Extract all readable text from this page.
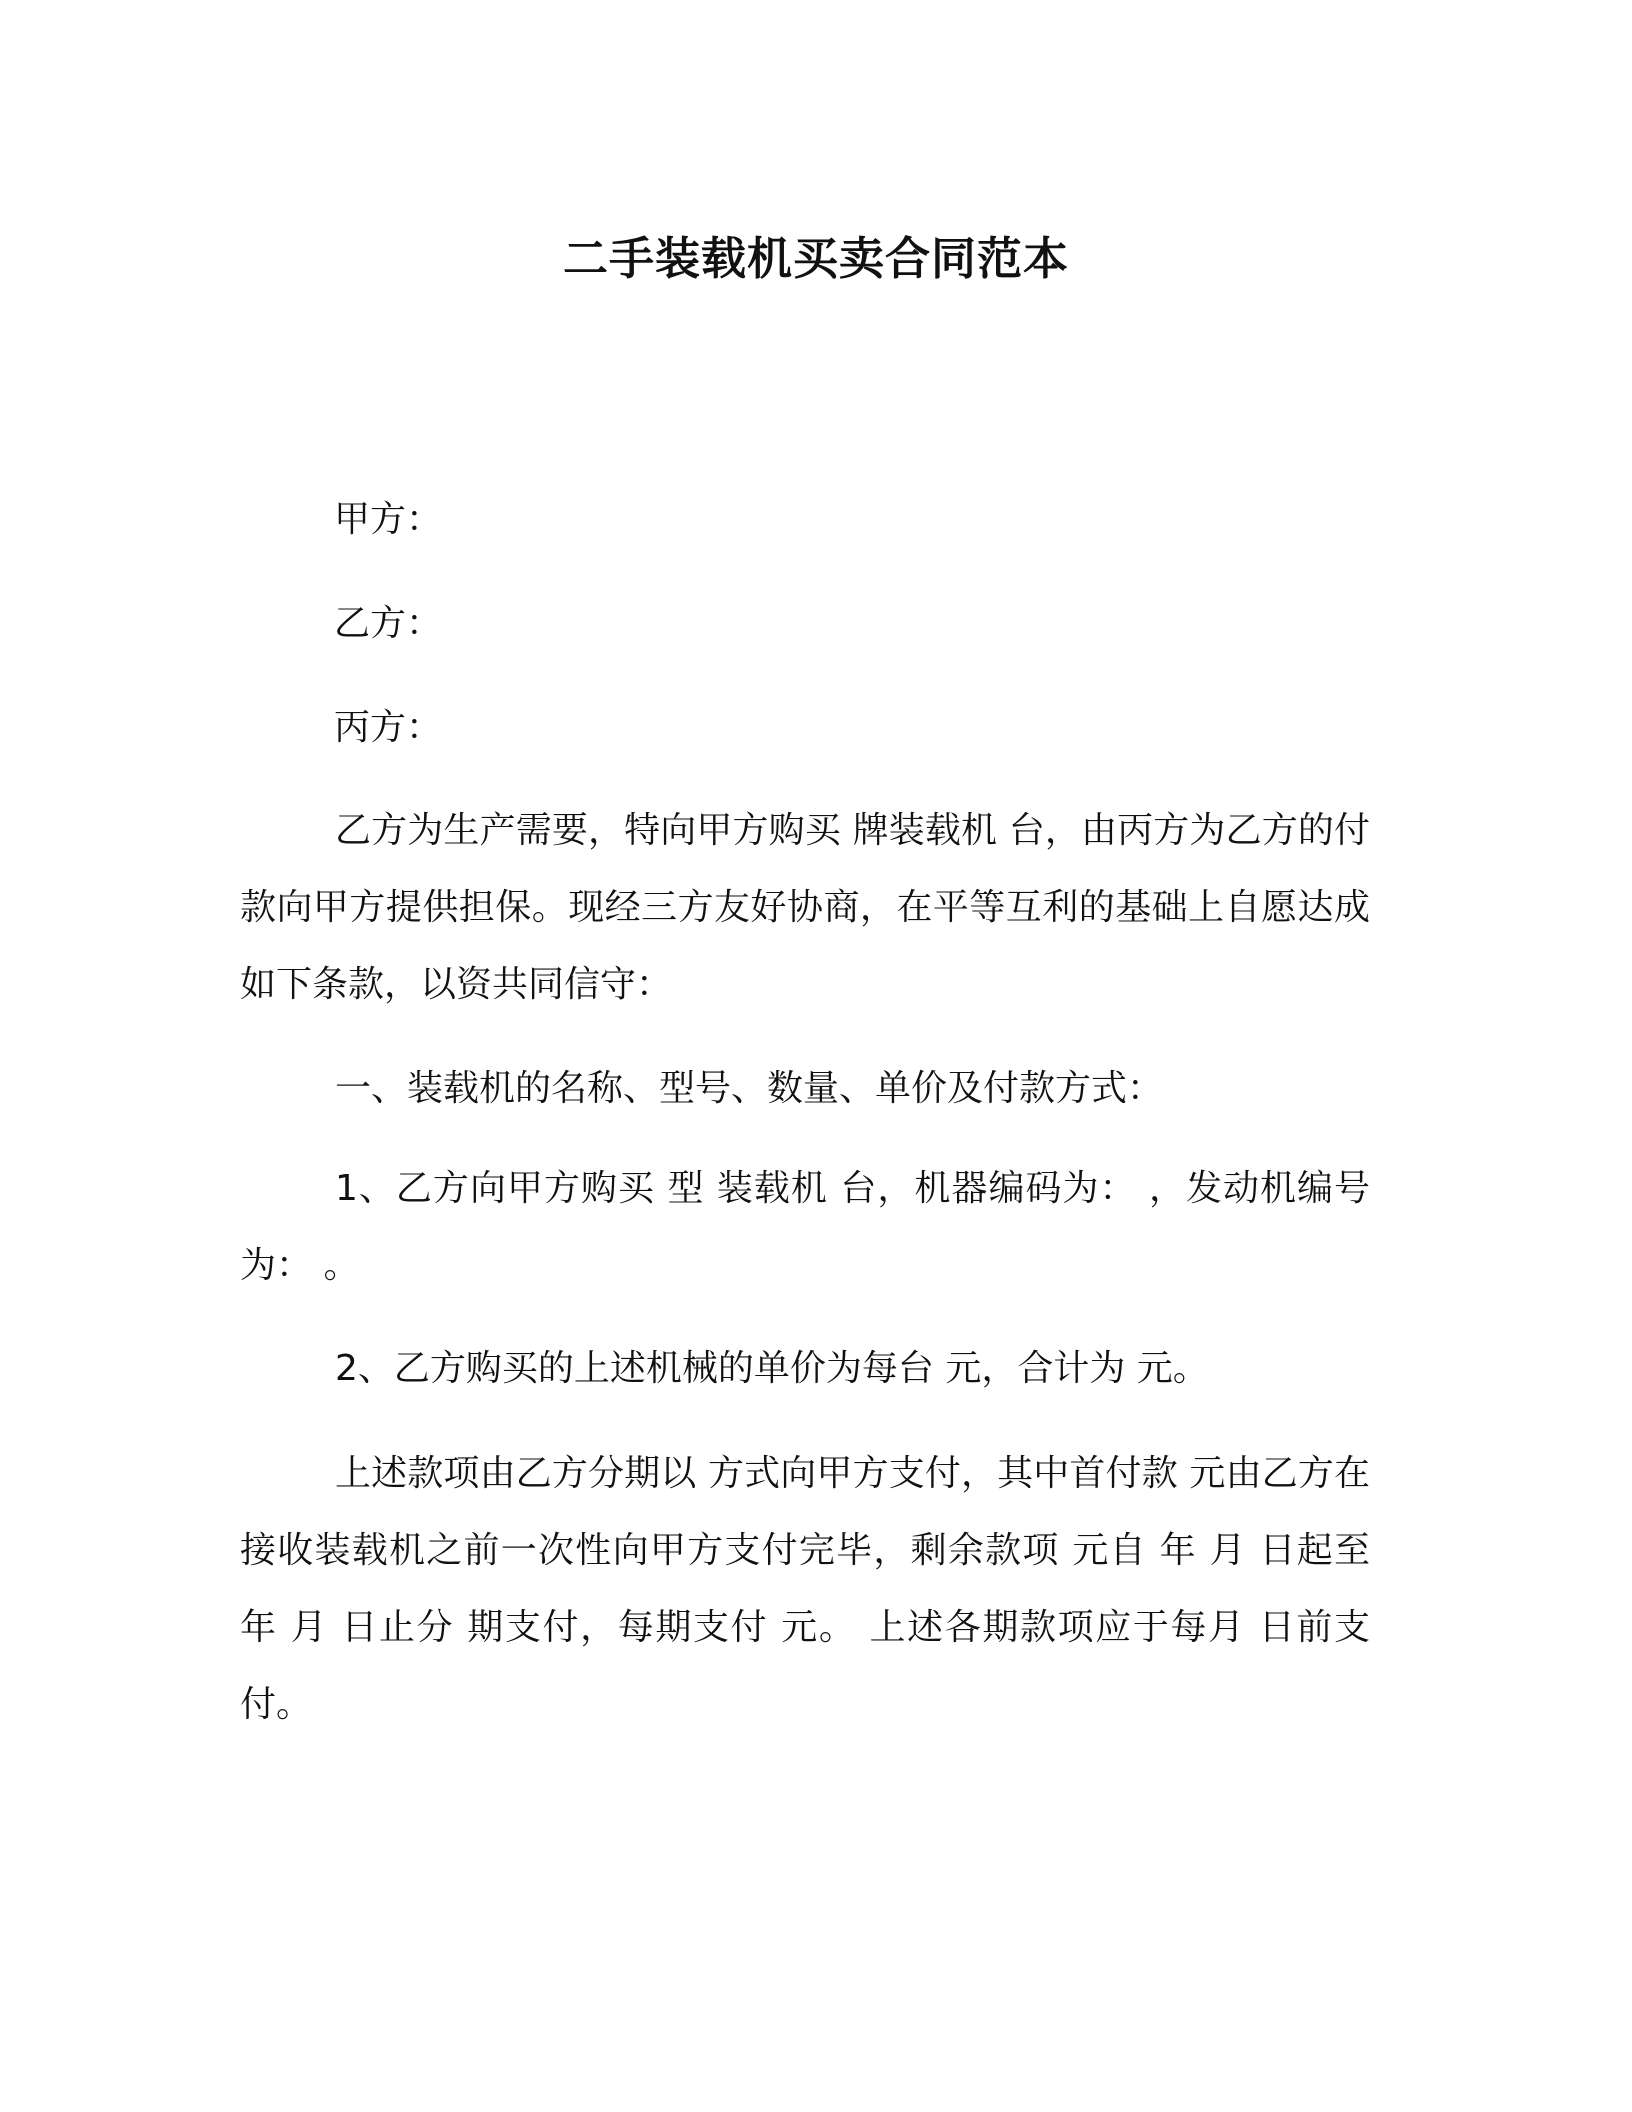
二手装载机买卖合同范本
甲方：
乙方：
丙方：
乙方为生产需要，特向甲方购买 牌装载机 台，由丙方为乙方的付款向甲方提供担保。现经三方友好协商，在平等互利的基础上自愿达成如下条款，以资共同信守：
一、装载机的名称、型号、数量、单价及付款方式：
1、乙方向甲方购买 型 装载机 台，机器编码为： ，发动机编号为： 。
2、乙方购买的上述机械的单价为每台 元，合计为 元。
上述款项由乙方分期以 方式向甲方支付，其中首付款 元由乙方在接收装载机之前一次性向甲方支付完毕，剩余款项 元自 年 月 日起至 年 月 日止分 期支付，每期支付 元。 上述各期款项应于每月 日前支付。
